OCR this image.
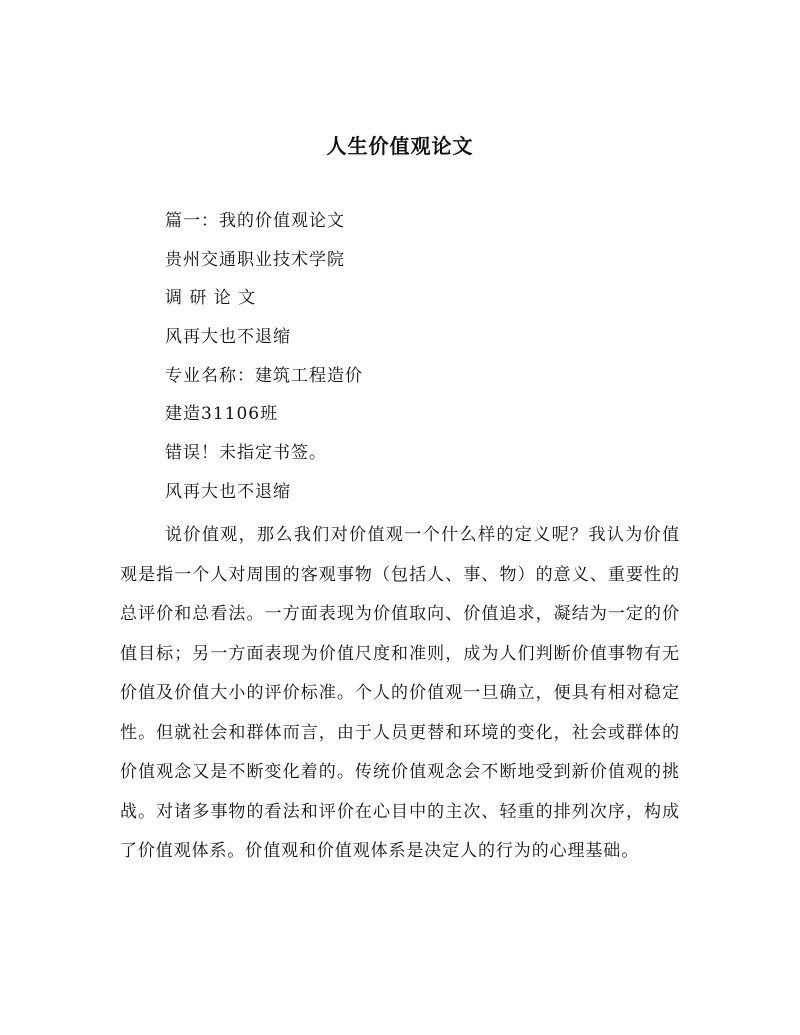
人生价值观论文
篇一：我的价值观论文
贵州交通职业技术学院
调 研 论 文
风再大也不退缩
专业名称：建筑工程造价
建造31106班
错误！未指定书签。
风再大也不退缩
说价值观，那么我们对价值观一个什么样的定义呢？我认为价值观是指一个人对周围的客观事物（包括人、事、物）的意义、重要性的总评价和总看法。一方面表现为价值取向、价值追求，凝结为一定的价值目标；另一方面表现为价值尺度和准则，成为人们判断价值事物有无价值及价值大小的评价标准。个人的价值观一旦确立，便具有相对稳定性。但就社会和群体而言，由于人员更替和环境的变化，社会或群体的价值观念又是不断变化着的。传统价值观念会不断地受到新价值观的挑战。对诸多事物的看法和评价在心目中的主次、轻重的排列次序，构成了价值观体系。价值观和价值观体系是决定人的行为的心理基础。
